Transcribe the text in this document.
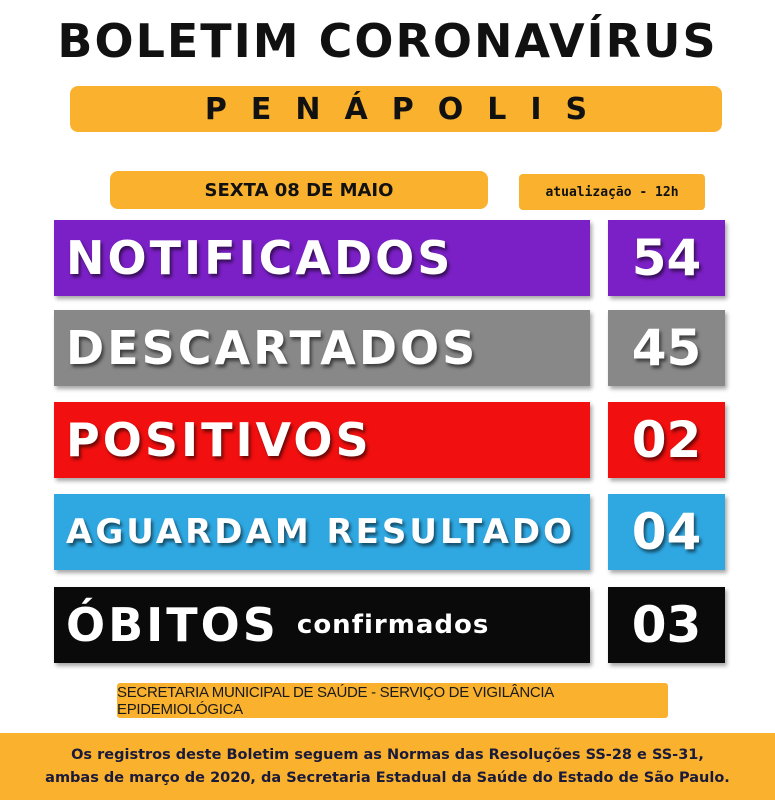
BOLETIM CORONAVÍRUS
PENÁPOLIS
SEXTA 08 DE MAIO	atualização - 12h
NOTIFICADOS	54
DESCARTADOS	45
POSITIVOS	02
AGUARDAM RESULTADO 04
ÓBITOS confirmados	03
SECRETARIA MUNICIPAL DE SAÚDE - SERVIÇO DE VIGILÂNCIA EPIDEMIOLÓGICA
Os registros deste Boletim seguem as Normas das Resoluções SS-28 e SS-31,
ambas de março de 2020, da Secretaria Estadual da Saúde do Estado de São Paulo.
